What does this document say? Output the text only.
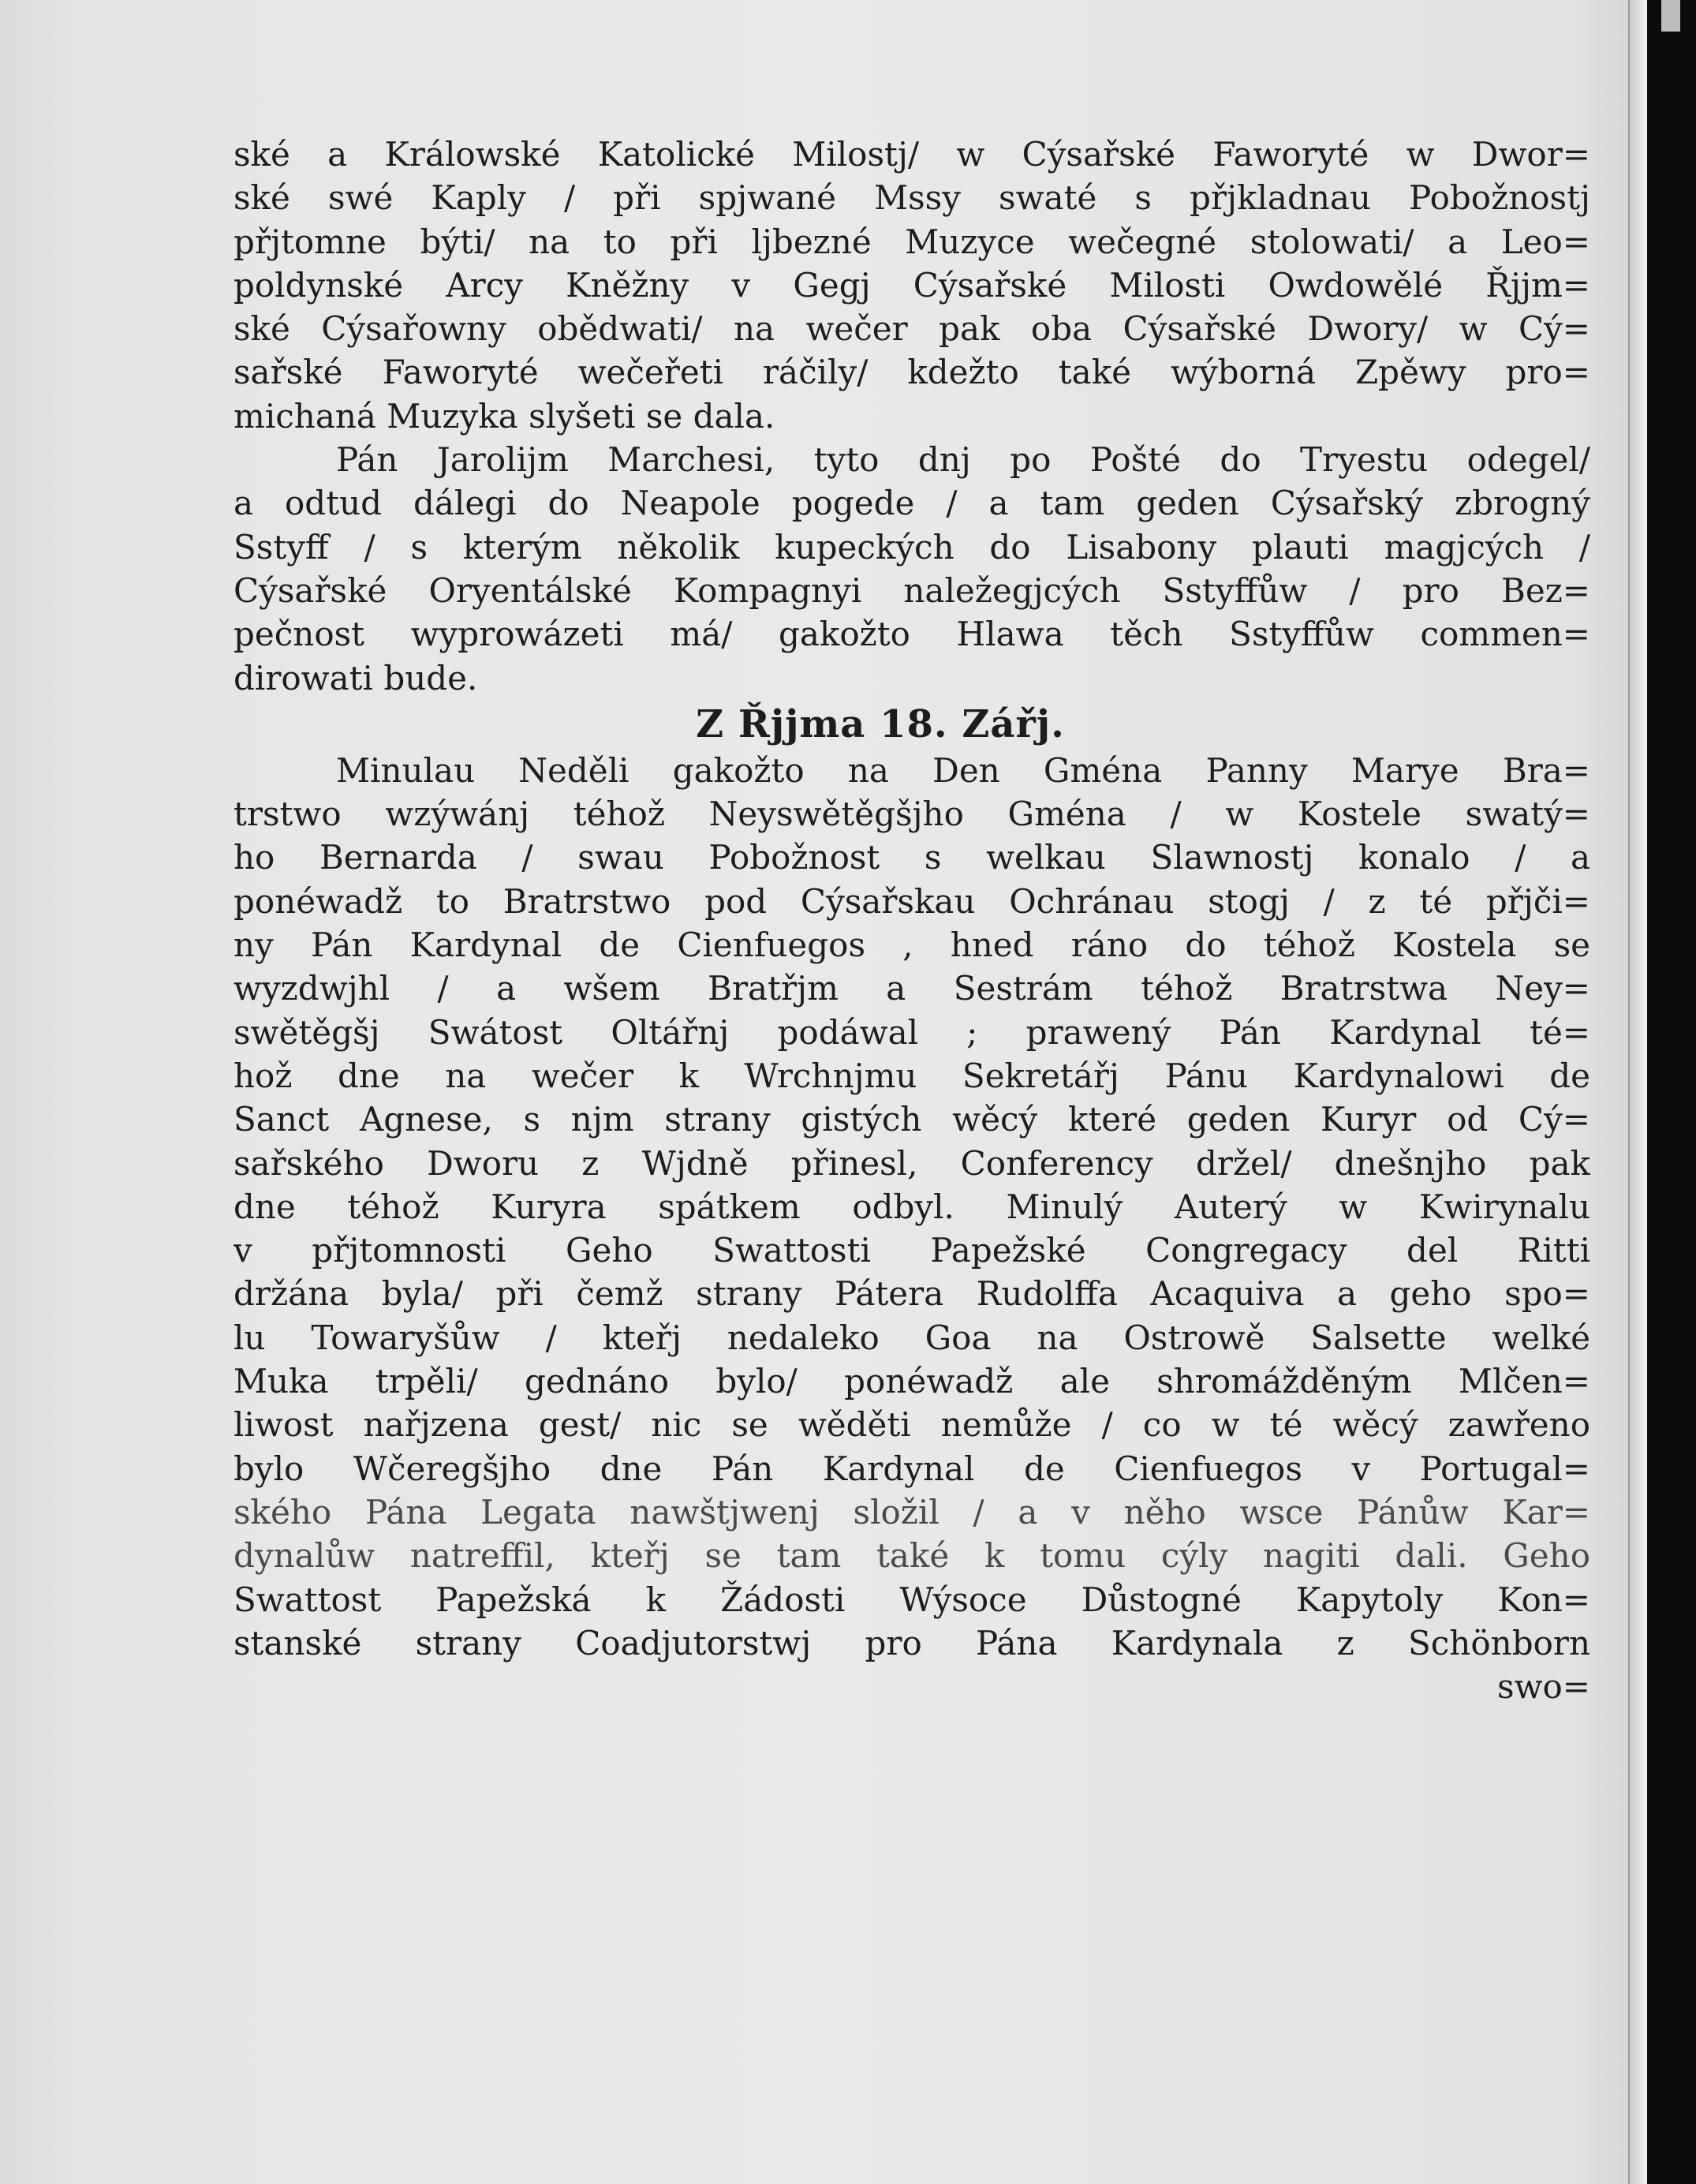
ské a Králowské Katolické Milostj/ w Cýsařské Faworyté w Dwor=
ské swé Kaply / při spjwané Mssy swaté s přjkladnau Pobožnostj
přjtomne býti/ na to při ljbezné Muzyce wečegné stolowati/ a Leo=
poldynské Arcy Kněžny v Gegj Cýsařské Milosti Owdowělé Řjjm=
ské Cýsařowny obědwati/ na wečer pak oba Cýsařské Dwory/ w Cý=
sařské Faworyté wečeřeti ráčily/ kdežto také wýborná Zpěwy pro=
michaná Muzyka slyšeti se dala.
Pán Jarolijm Marchesi, tyto dnj po Pošté do Tryestu odegel/
a odtud dálegi do Neapole pogede / a tam geden Cýsařský zbrogný
Sstyff / s kterým několik kupeckých do Lisabony plauti magjcých /
Cýsařské Oryentálské Kompagnyi naležegjcých Sstyffůw / pro Bez=
pečnost wyprowázeti má/ gakožto Hlawa těch Sstyffůw commen=
dirowati bude.
Z Řjjma 18. Zářj.
Minulau Neděli gakožto na Den Gména Panny Marye Bra=
trstwo wzýwánj téhož Neyswětěgšjho Gména / w Kostele swatý=
ho Bernarda / swau Pobožnost s welkau Slawnostj konalo / a
ponéwadž to Bratrstwo pod Cýsařskau Ochránau stogj / z té přjči=
ny Pán Kardynal de Cienfuegos , hned ráno do téhož Kostela se
wyzdwjhl / a wšem Bratřjm a Sestrám téhož Bratrstwa Ney=
swětěgšj Swátost Oltářnj podáwal ; prawený Pán Kardynal té=
hož dne na wečer k Wrchnjmu Sekretářj Pánu Kardynalowi de
Sanct Agnese, s njm strany gistých wěcý které geden Kuryr od Cý=
sařského Dworu z Wjdně přinesl, Conferency držel/ dnešnjho pak
dne téhož Kuryra spátkem odbyl. Minulý Auterý w Kwirynalu
v přjtomnosti Geho Swattosti Papežské Congregacy del Ritti
držána byla/ při čemž strany Pátera Rudolffa Acaquiva a geho spo=
lu Towaryšůw / kteřj nedaleko Goa na Ostrowě Salsette welké
Muka trpěli/ gednáno bylo/ ponéwadž ale shromážděným Mlčen=
liwost nařjzena gest/ nic se wěděti nemůže / co w té wěcý zawřeno
bylo Wčeregšjho dne Pán Kardynal de Cienfuegos v Portugal=
ského Pána Legata nawštjwenj složil / a v něho wsce Pánůw Kar=
dynalůw natreffil, kteřj se tam také k tomu cýly nagiti dali. Geho
Swattost Papežská k Žádosti Wýsoce Důstogné Kapytoly Kon=
stanské strany Coadjutorstwj pro Pána Kardynala z Schönborn
swo=
